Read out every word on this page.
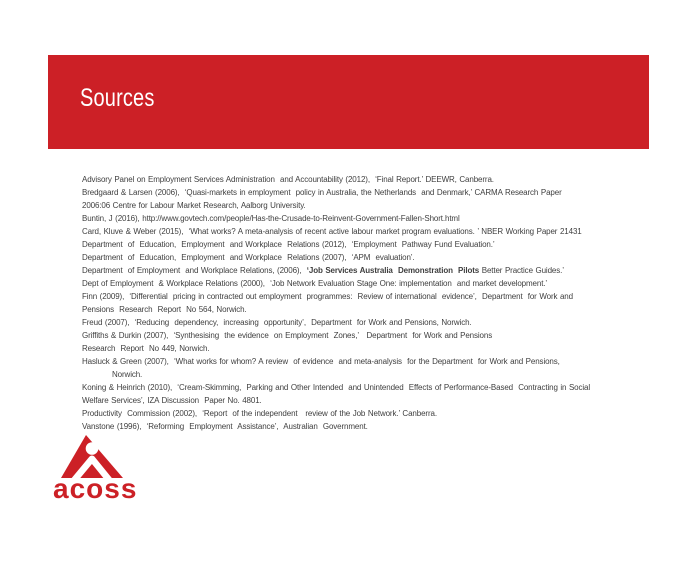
Sources
Advisory Panel on Employment Services Administration  and Accountability (2012),  ‘Final Report.’ DEEWR, Canberra.
Bredgaard & Larsen (2006),  ‘Quasi-markets in employment  policy in Australia, the Netherlands  and Denmark,’ CARMA Research Paper
2006:06 Centre for Labour Market Research, Aalborg University.
Buntin, J (2016), http://www.govtech.com/people/Has-the-Crusade-to-Reinvent-Government-Fallen-Short.html
Card, Kluve & Weber (2015),  ‘What works? A meta-analysis of recent active labour market program evaluations. ’ NBER Working Paper 21431
Department  of  Education,  Employment  and Workplace  Relations (2012),  ‘Employment  Pathway Fund Evaluation.’
Department  of  Education,  Employment  and Workplace  Relations (2007),  ‘APM  evaluation’.
Department  of Employment  and Workplace Relations, (2006),  ‘Job Services Australia  Demonstration  Pilots Better Practice Guides.’
Dept of Employment  & Workplace Relations (2000),  ‘Job Network Evaluation Stage One: implementation  and market development.’
Finn (2009),  ‘Differential  pricing in contracted out employment  programmes:  Review of international  evidence’,  Department  for Work and
Pensions  Research  Report  No 564, Norwich.
Freud (2007),  ‘Reducing  dependency,  increasing  opportunity’,  Department  for Work and Pensions, Norwich.
Griffiths & Durkin (2007),  ‘Synthesising  the evidence  on Employment  Zones,’   Department  for Work and Pensions
Research  Report  No 449, Norwich.
Hasluck & Green (2007),  ‘What works for whom? A review  of evidence  and meta-analysis  for the Department  for Work and Pensions,
Norwich.
Koning & Heinrich (2010),  ‘Cream-Skimming,  Parking and Other Intended  and Unintended  Effects of Performance-Based  Contracting in Social
Welfare Services’, IZA Discussion  Paper No. 4801.
Productivity  Commission (2002),  ‘Report  of the independent   review of the Job Network.’ Canberra.
Vanstone (1996),  ‘Reforming  Employment  Assistance’,  Australian  Government.
acoss
